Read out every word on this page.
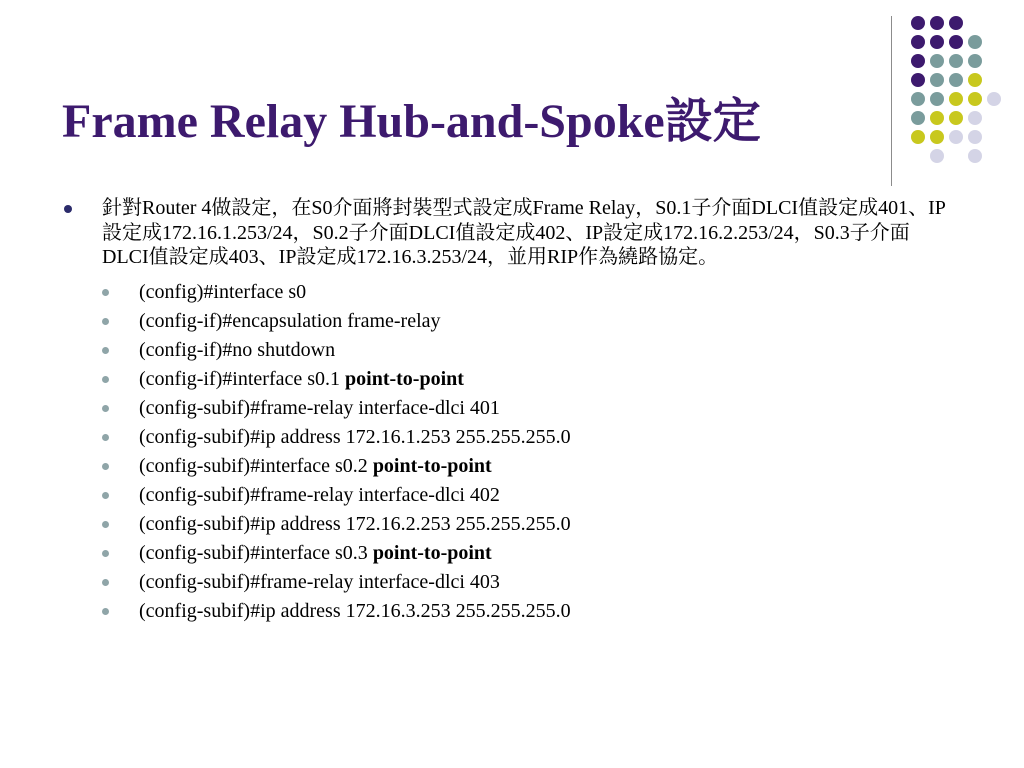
Frame Relay Hub-and-Spoke設定
針對Router 4做設定，在S0介面將封裝型式設定成Frame Relay，S0.1子介面DLCI值設定成401、IP設定成172.16.1.253/24，S0.2子介面DLCI值設定成402、IP設定成172.16.2.253/24，S0.3子介面DLCI值設定成403、IP設定成172.16.3.253/24，並用RIP作為繞路協定。
(config)#interface s0
(config-if)#encapsulation frame-relay
(config-if)#no shutdown
(config-if)#interface s0.1 point-to-point
(config-subif)#frame-relay interface-dlci 401
(config-subif)#ip address 172.16.1.253 255.255.255.0
(config-subif)#interface s0.2 point-to-point
(config-subif)#frame-relay interface-dlci 402
(config-subif)#ip address 172.16.2.253 255.255.255.0
(config-subif)#interface s0.3 point-to-point
(config-subif)#frame-relay interface-dlci 403
(config-subif)#ip address 172.16.3.253 255.255.255.0
